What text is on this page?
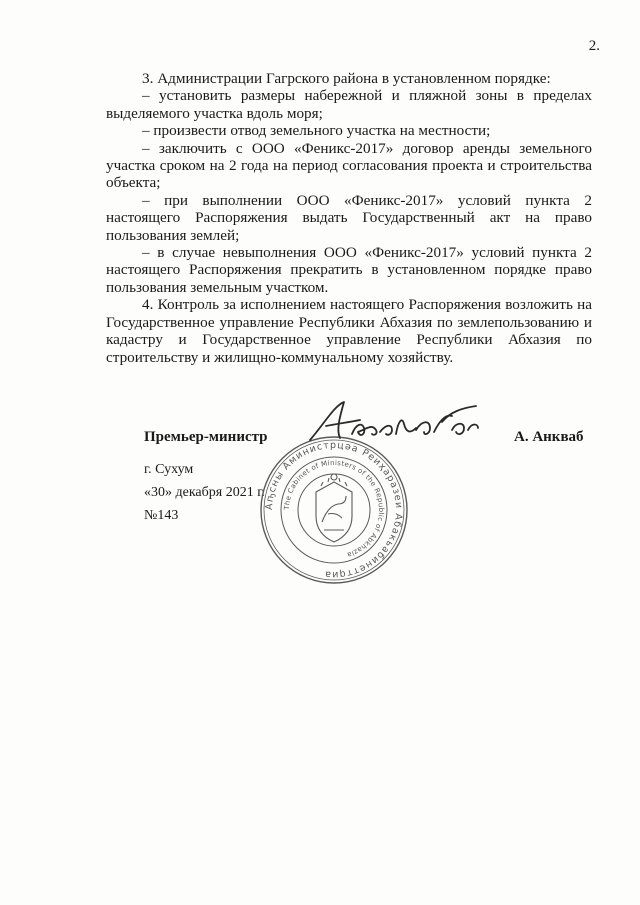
2.

3. Администрации Гагрского района в установленном порядке:

– установить размеры набережной и пляжной зоны в пределах выделяемого участка вдоль моря;

– произвести отвод земельного участка на местности;

– заключить с ООО «Феникс-2017» договор аренды земельного участка сроком на 2 года на период согласования проекта и строительства объекта;

– при выполнении ООО «Феникс-2017» условий пункта 2 настоящего Распоряжения выдать Государственный акт на право пользования землей;

– в случае невыполнения ООО «Феникс-2017» условий пункта 2 настоящего Распоряжения прекратить в установленном порядке право пользования земельным участком.

4. Контроль за исполнением настоящего Распоряжения возложить на Государственное управление Республики Абхазия по землепользованию и кадастру и Государственное управление Республики Абхазия по строительству и жилищно-коммунальному хозяйству.

Премьер-министр	А. Анкваб
г. Сухум
«30» декабря 2021 г.
№143
Аҧсны Аминистрцәа Реиҳаразеи Абакьабинеттqиа
The Cabinet of Ministers of the Republic of Abkhazia
